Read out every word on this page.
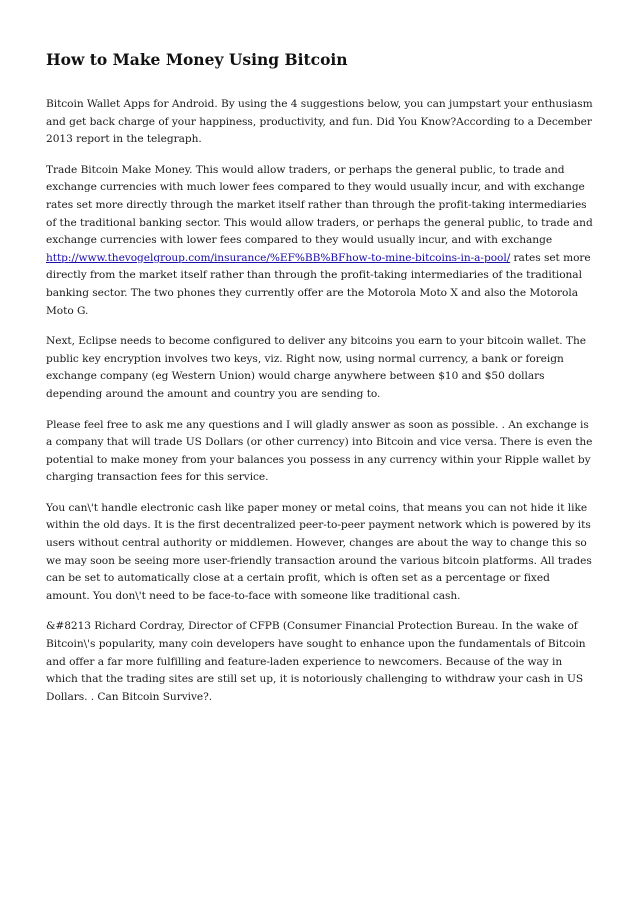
How to Make Money Using Bitcoin

Bitcoin Wallet Apps for Android. By using the 4 suggestions below, you can jumpstart your enthusiasm and get back charge of your happiness, productivity, and fun. Did You Know?According to a December 2013 report in the telegraph.

Trade Bitcoin Make Money. This would allow traders, or perhaps the general public, to trade and exchange currencies with much lower fees compared to they would usually incur, and with exchange rates set more directly through the market itself rather than through the profit-taking intermediaries of the traditional banking sector. This would allow traders, or perhaps the general public, to trade and exchange currencies with lower fees compared to they would usually incur, and with exchange http://www.thevogelgroup.com/insurance/%EF%BB%BFhow-to-mine-bitcoins-in-a-pool/ rates set more directly from the market itself rather than through the profit-taking intermediaries of the traditional banking sector. The two phones they currently offer are the Motorola Moto X and also the Motorola Moto G.

Next, Eclipse needs to become configured to deliver any bitcoins you earn to your bitcoin wallet. The public key encryption involves two keys, viz. Right now, using normal currency, a bank or foreign exchange company (eg Western Union) would charge anywhere between $10 and $50 dollars depending around the amount and country you are sending to.

Please feel free to ask me any questions and I will gladly answer as soon as possible. . An exchange is a company that will trade US Dollars (or other currency) into Bitcoin and vice versa. There is even the potential to make money from your balances you possess in any currency within your Ripple wallet by charging transaction fees for this service.

You can\'t handle electronic cash like paper money or metal coins, that means you can not hide it like within the old days. It is the first decentralized peer-to-peer payment network which is powered by its users without central authority or middlemen. However, changes are about the way to change this so we may soon be seeing more user-friendly transaction around the various bitcoin platforms. All trades can be set to automatically close at a certain profit, which is often set as a percentage or fixed amount. You don\'t need to be face-to-face with someone like traditional cash.

&#8213 Richard Cordray, Director of CFPB (Consumer Financial Protection Bureau. In the wake of Bitcoin\'s popularity, many coin developers have sought to enhance upon the fundamentals of Bitcoin and offer a far more fulfilling and feature-laden experience to newcomers. Because of the way in which that the trading sites are still set up, it is notoriously challenging to withdraw your cash in US Dollars. . Can Bitcoin Survive?.
